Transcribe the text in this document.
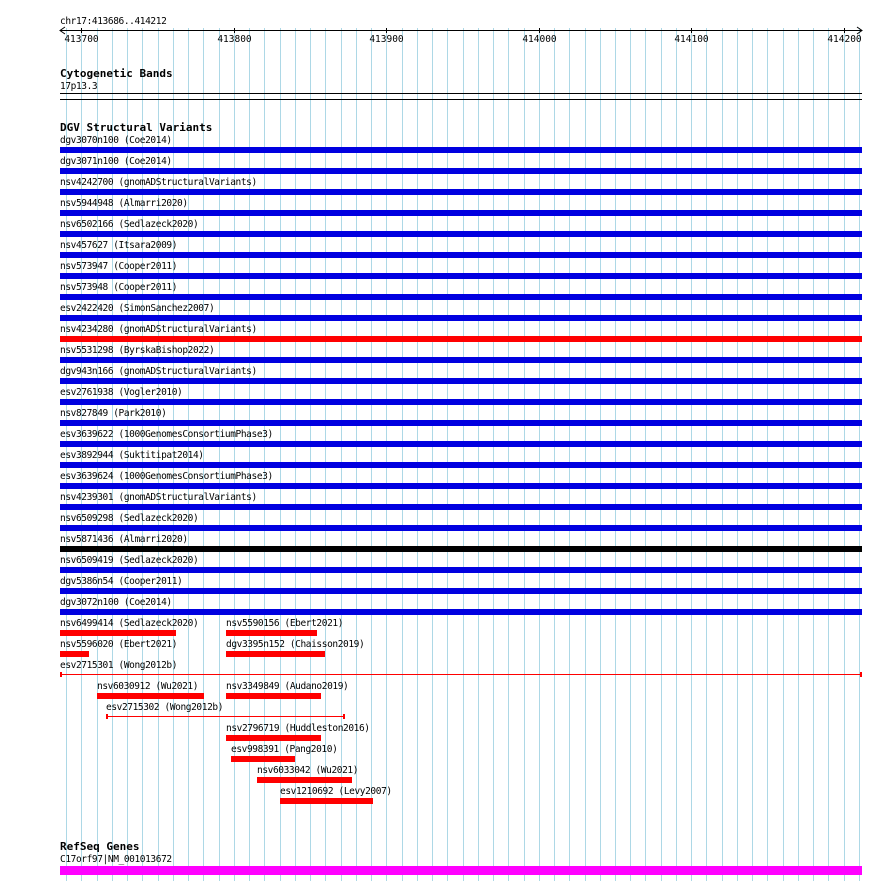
chr17:413686..414212
413700	413800	413900	414000	414100	414200
Cytogenetic Bands
17p13.3
DGV Structural Variants
dgv3070n100 (Coe2014)
dgv3071n100 (Coe2014)
nsv4242700 (gnomADStructuralVariants)
nsv5944948 (Almarri2020)
nsv6502166 (Sedlazeck2020)
nsv457627 (Itsara2009)
nsv573947 (Cooper2011)
nsv573948 (Cooper2011)
esv2422420 (SimonSanchez2007)
nsv4234280 (gnomADStructuralVariants)
nsv5531298 (ByrskaBishop2022)
dgv943n166 (gnomADStructuralVariants)
esv2761938 (Vogler2010)
nsv827849 (Park2010)
esv3639622 (1000GenomesConsortiumPhase3)
esv3892944 (Suktitipat2014)
esv3639624 (1000GenomesConsortiumPhase3)
nsv4239301 (gnomADStructuralVariants)
nsv6509298 (Sedlazeck2020)
nsv5871436 (Almarri2020)
nsv6509419 (Sedlazeck2020)
dgv5386n54 (Cooper2011)
dgv3072n100 (Coe2014)
nsv6499414 (Sedlazeck2020)	nsv5590156 (Ebert2021)
nsv5596020 (Ebert2021)	dgv3395n152 (Chaisson2019)
esv2715301 (Wong2012b)
nsv6030912 (Wu2021)	nsv3349849 (Audano2019)
esv2715302 (Wong2012b)
nsv2796719 (Huddleston2016)
esv998391 (Pang2010)
nsv6033042 (Wu2021)
esv1210692 (Levy2007)
RefSeq Genes
C17orf97|NM_001013672
